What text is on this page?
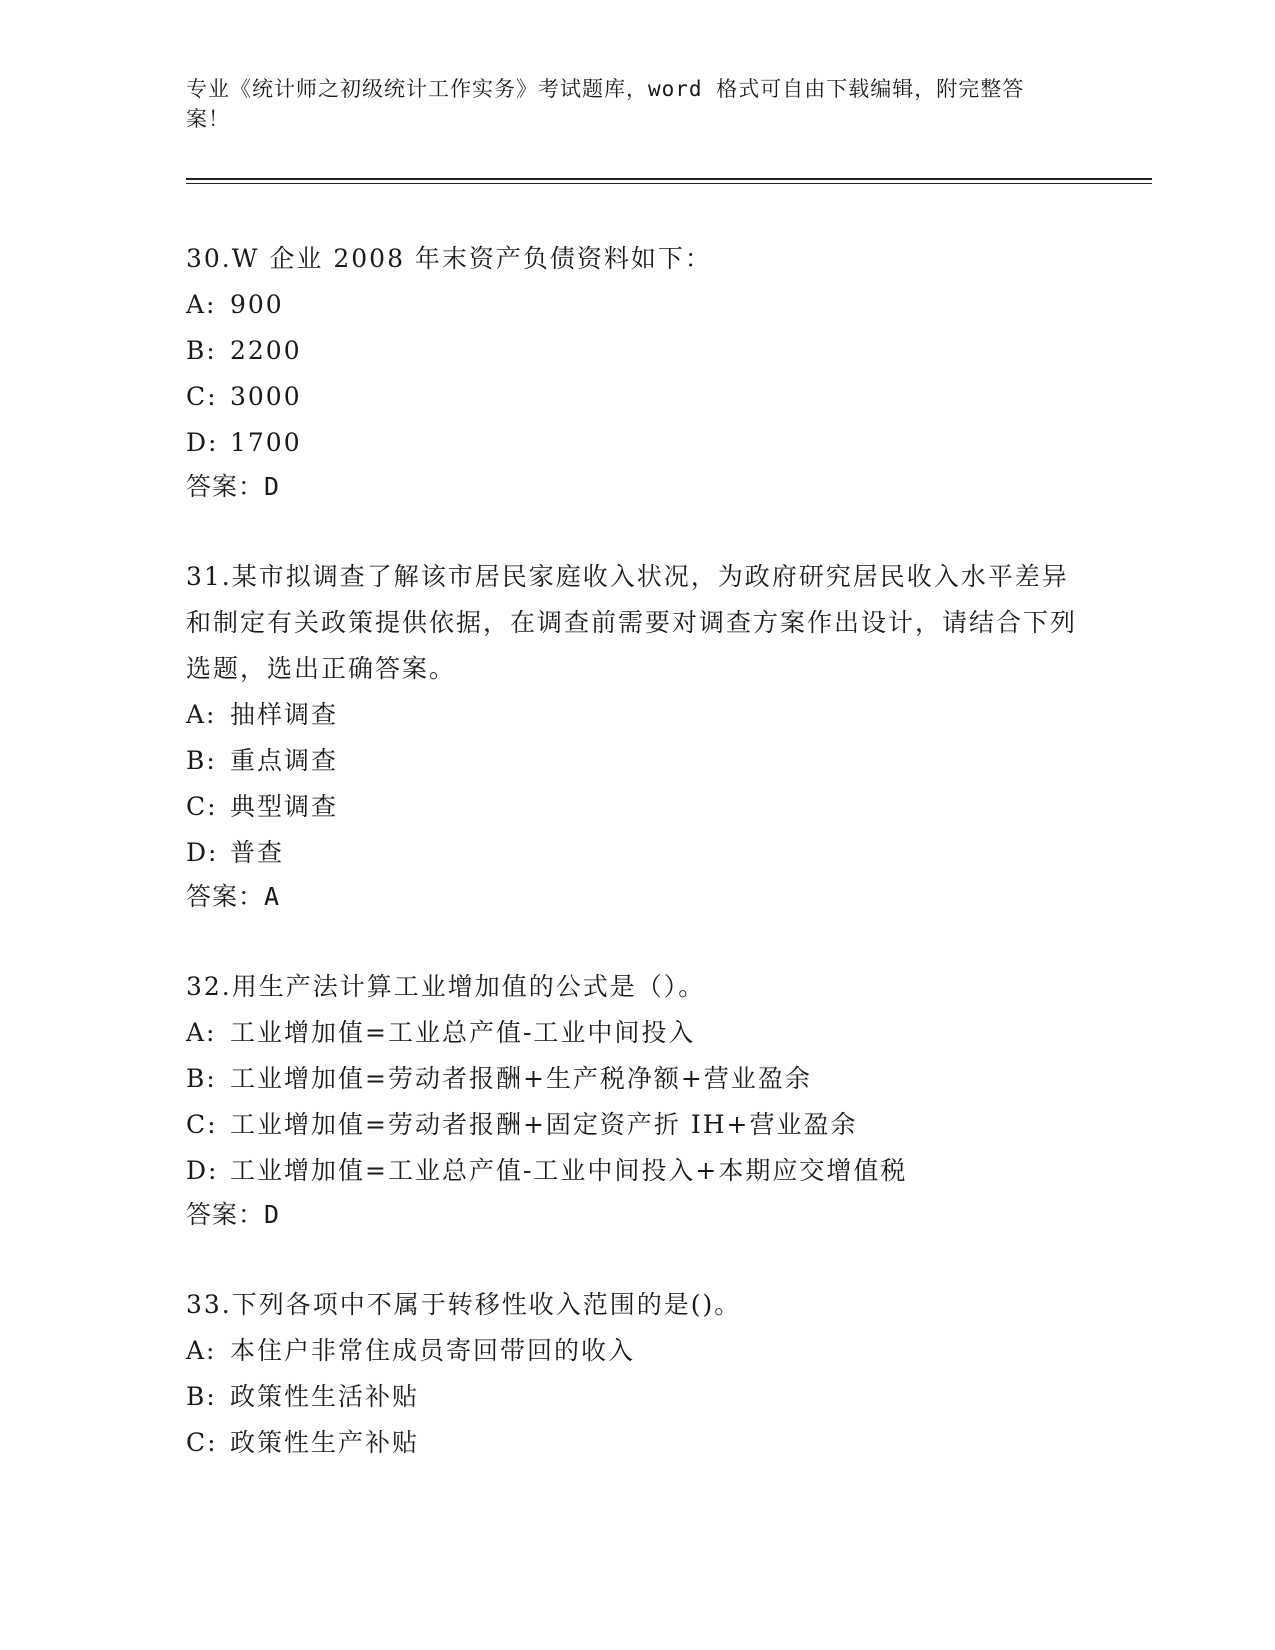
专业《统计师之初级统计工作实务》考试题库，word 格式可自由下载编辑，附完整答案！
30.W 企业 2008 年末资产负债资料如下：
A: 900
B: 2200
C: 3000
D: 1700
答案：D
31.某市拟调查了解该市居民家庭收入状况，为政府研究居民收入水平差异和制定有关政策提供依据，在调查前需要对调查方案作出设计，请结合下列选题，选出正确答案。
A: 抽样调查
B: 重点调查
C: 典型调查
D: 普查
答案：A
32.用生产法计算工业增加值的公式是（）。
A: 工业增加值=工业总产值-工业中间投入
B: 工业增加值=劳动者报酬+生产税净额+营业盈余
C: 工业增加值=劳动者报酬+固定资产折 IH+营业盈余
D: 工业增加值=工业总产值-工业中间投入+本期应交增值税
答案：D
33.下列各项中不属于转移性收入范围的是()。
A: 本住户非常住成员寄回带回的收入
B: 政策性生活补贴
C: 政策性生产补贴
